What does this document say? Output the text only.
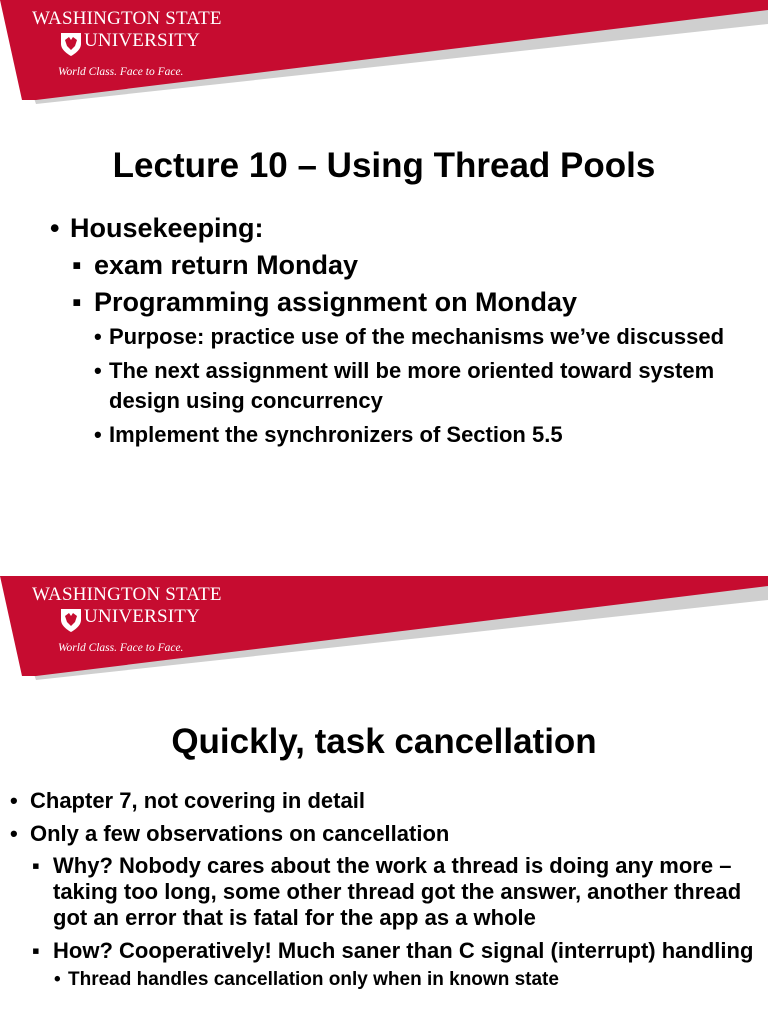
WASHINGTON STATE
UNIVERSITY
World Class. Face to Face.
Lecture 10 – Using Thread Pools
• Housekeeping:
▪ exam return Monday
▪ Programming assignment on Monday
• Purpose: practice use of the mechanisms we’ve discussed
• The next assignment will be more oriented toward system design using concurrency
• Implement the synchronizers of Section 5.5
WASHINGTON STATE
UNIVERSITY
World Class. Face to Face.
Quickly, task cancellation
• Chapter 7, not covering in detail
• Only a few observations on cancellation
▪ Why? Nobody cares about the work a thread is doing any more – taking too long, some other thread got the answer, another thread got an error that is fatal for the app as a whole
▪ How? Cooperatively! Much saner than C signal (interrupt) handling
• Thread handles cancellation only when in known state
